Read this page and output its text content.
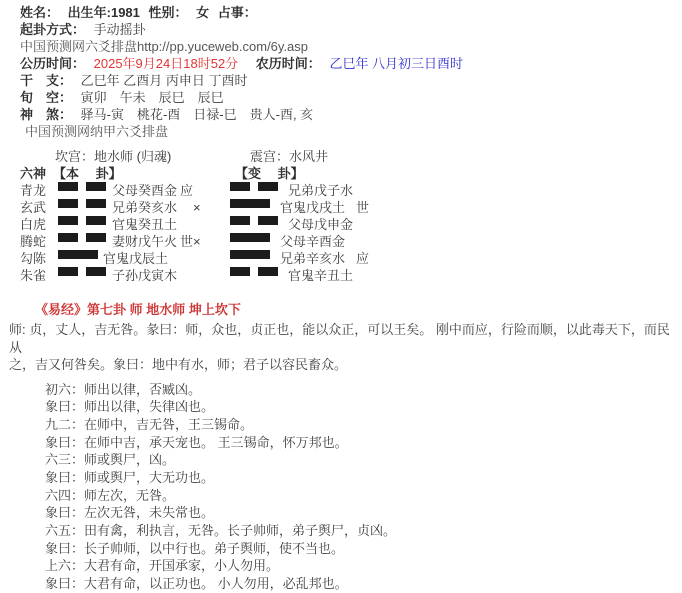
姓名： 出生年:1981 性别： 女 占事：
起卦方式： 手动摇卦
中国预测网六爻排盘http://pp.yuceweb.com/6y.asp
公历时间： 2025年9月24日18时52分 农历时间： 乙巳年 八月初三日酉时
干　支： 乙巳年 乙酉月 丙申日 丁酉时
旬　空： 寅卯　午未　辰巳　辰巳
神　煞： 驿马-寅　桃花-酉　日禄-巳　贵人-酉, 亥
中国预测网纳甲六爻排盘
坎宫：地水师 (归魂)	震宫：水风井
六神 【本　 卦】	【变　 卦】
青龙	父母癸酉金 应	兄弟戊子水
玄武	兄弟癸亥水 　×	官鬼戊戌土 世
白虎	官鬼癸丑土	父母戊申金
腾蛇	妻财戊午火 世×	父母辛酉金
勾陈	官鬼戊辰土	兄弟辛亥水 应
朱雀	子孙戊寅木	官鬼辛丑土
《易经》第七卦 师 地水师 坤上坎下
师: 贞，丈人，吉无咎。彖曰：师，众也，贞正也，能以众正，可以王矣。 刚中而应，行险而顺，以此毒天下，而民从
之，吉又何咎矣。象曰：地中有水，师；君子以容民畜众。
初六：师出以律，否臧凶。
象曰：师出以律，失律凶也。
九二：在师中，吉无咎，王三锡命。
象曰：在师中吉，承天宠也。 王三锡命，怀万邦也。
六三：师或舆尸，凶。
象曰：师或舆尸，大无功也。
六四：师左次，无咎。
象曰：左次无咎，未失常也。
六五：田有禽，利执言，无咎。长子帅师，弟子舆尸，贞凶。
象曰：长子帅师，以中行也。弟子舆师，使不当也。
上六：大君有命，开国承家，小人勿用。
象曰：大君有命，以正功也。 小人勿用，必乱邦也。
